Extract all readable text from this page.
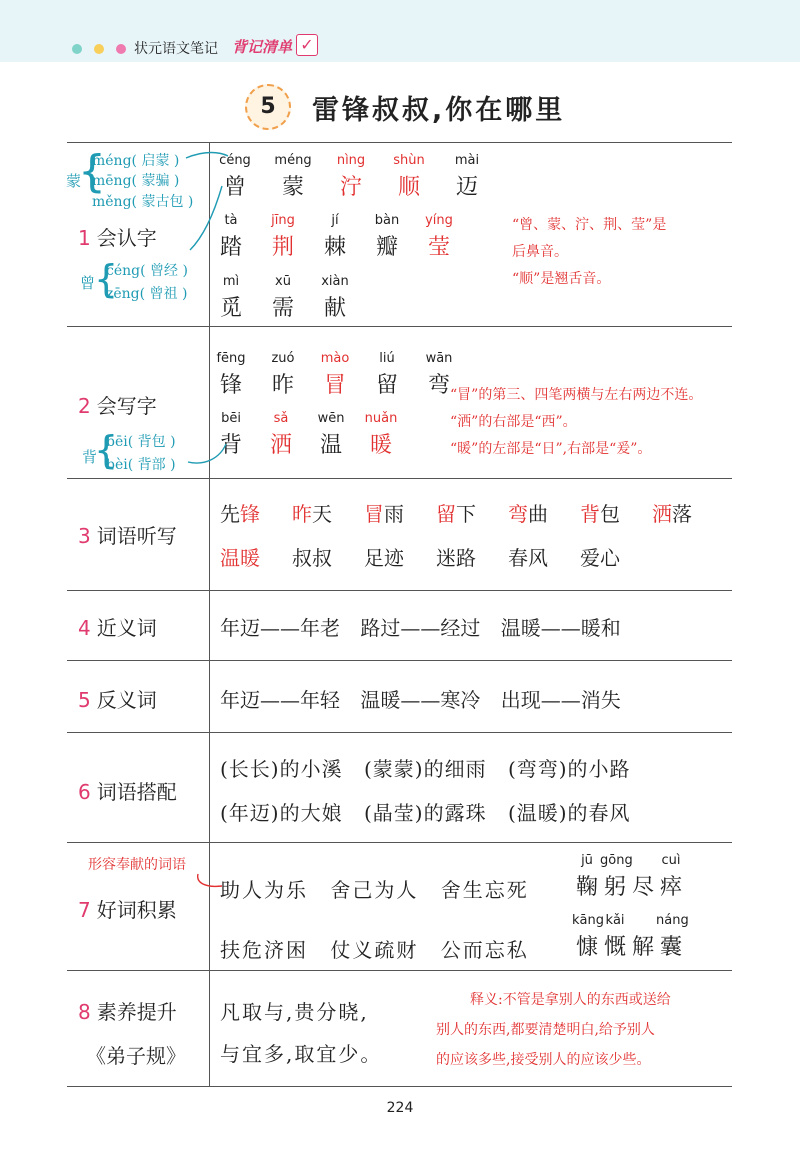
状元语文笔记 背记清单 ✓
5	雷锋叔叔,你在哪里
1 会认字
2 会写字
3 词语听写
4 近义词
5 反义词
6 词语搭配
7 好词积累
8 素养提升
《弟子规》
蒙
{
méng( 启蒙 )
mēng( 蒙骗 )
měng( 蒙古包 )
曾
{
céng( 曾经 )
zēng( 曾祖 )
céng
曾
méng
蒙
nìng
泞
shùn
顺
mài
迈
tà
踏
jīng
荆
jí
棘
bàn
瓣
yíng
莹
mì
觅
xū
需
xiàn
献
“曾、蒙、泞、荆、莹”是
后鼻音。
“顺”是翘舌音。
背
{
bēi( 背包 )
bèi( 背部 )
fēng
锋
zuó
昨
mào
冒
liú
留
wān
弯
bēi
背
sǎ
洒
wēn
温
nuǎn
暖
“冒”的第三、四笔两横与左右两边不连。
“洒”的右部是“西”。
“暖”的左部是“日”,右部是“爰”。
先锋 昨天 冒雨 留下 弯曲 背包 洒落
温暖 叔叔 足迹 迷路 春风 爱心
年迈——年老 路过——经过 温暖——暖和
年迈——年轻 温暖——寒冷 出现——消失
(长长)的小溪 (蒙蒙)的细雨 (弯弯)的小路
(年迈)的大娘 (晶莹)的露珠 (温暖)的春风
形容奉献的词语
助人为乐 舍己为人 舍生忘死
jū
鞠
gōng
躬 尽
cuì
瘁
扶危济困 仗义疏财 公而忘私
kāng
慷
kǎi
慨 解
náng
囊
凡取与,贵分晓,
与宜多,取宜少。
释义:不管是拿别人的东西或送给
别人的东西,都要清楚明白,给予别人
的应该多些,接受别人的应该少些。
224
